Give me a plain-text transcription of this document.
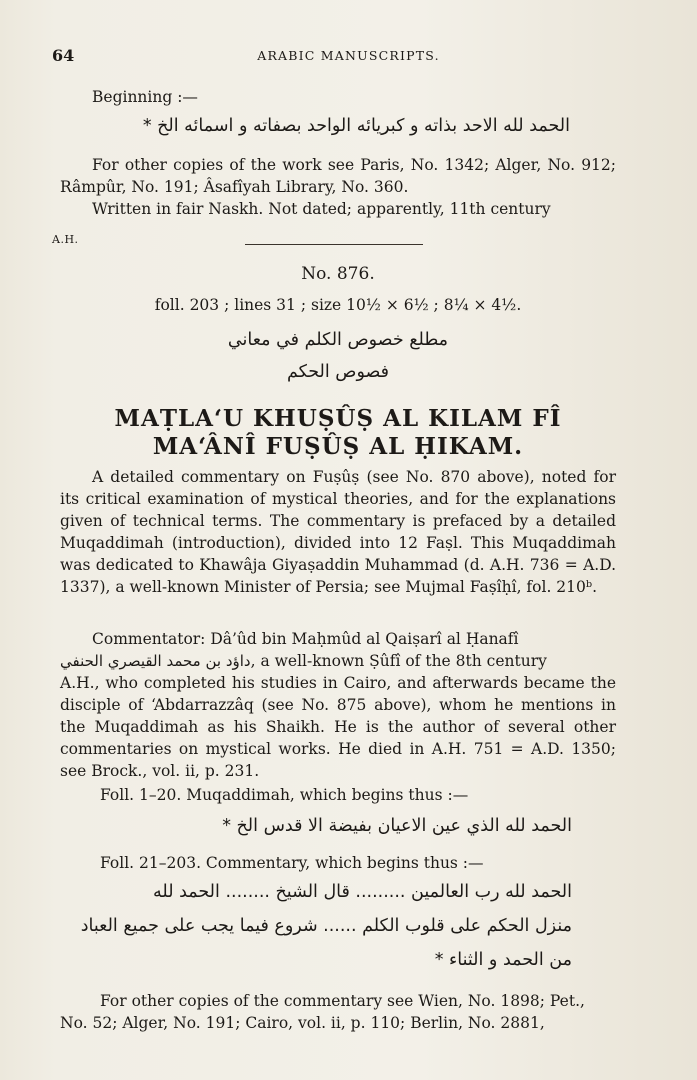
64	ARABIC MANUSCRIPTS.
Beginning :—
الحمد لله الاحد بذاته و كبريائه الواحد بصفاته و اسمائه الخ *
For other copies of the work see Paris, No. 1342; Alger, No. 912; Râmpûr, No. 191; Âsafîyah Library, No. 360.
Written in fair Naskh. Not dated; apparently, 11th century
A.H.
No. 876.
foll. 203 ; lines 31 ; size 10½ × 6½ ; 8¼ × 4½.
مطلع خصوص الكلم في معاني
فصوص الحكم
MAṬLA‘U KHUṢÛṢ AL KILAM FÎ
MA‘ÂNÎ FUṢÛṢ AL ḤIKAM.
A detailed commentary on Fuṣûṣ (see No. 870 above), noted for its critical examination of mystical theories, and for the explanations given of technical terms. The commentary is prefaced by a detailed Muqaddimah (introduction), divided into 12 Faṣl. This Muqaddimah was dedicated to Khawâja Giyaṣaddin Muhammad (d. A.H. 736 = A.D. 1337), a well-known Minister of Persia; see Mujmal Faṣîḥî, fol. 210ᵇ.
Commentator: Dâ’ûd bin Maḥmûd al Qaiṣarî al Ḥanafî
داؤد بن محمد القيصري الحنفي, a well-known Ṣûfî of the 8th century
A.H., who completed his studies in Cairo, and afterwards became the disciple of ‘Abdarrazzâq (see No. 875 above), whom he mentions in the Muqaddimah as his Shaikh. He is the author of several other commentaries on mystical works. He died in A.H. 751 = A.D. 1350; see Brock., vol. ii, p. 231.
Foll. 1–20. Muqaddimah, which begins thus :—
الحمد لله الذي عين الاعيان بفيضة الا قدس الخ *
Foll. 21–203. Commentary, which begins thus :—
الحمد لله رب العالمين ......... قال الشيخ ........ الحمد لله
منزل الحكم على قلوب الكلم ...... شروع فيما يجب على جميع العباد
من الحمد و الثناء *
For other copies of the commentary see Wien, No. 1898; Pet.,
No. 52; Alger, No. 191; Cairo, vol. ii, p. 110; Berlin, No. 2881,
